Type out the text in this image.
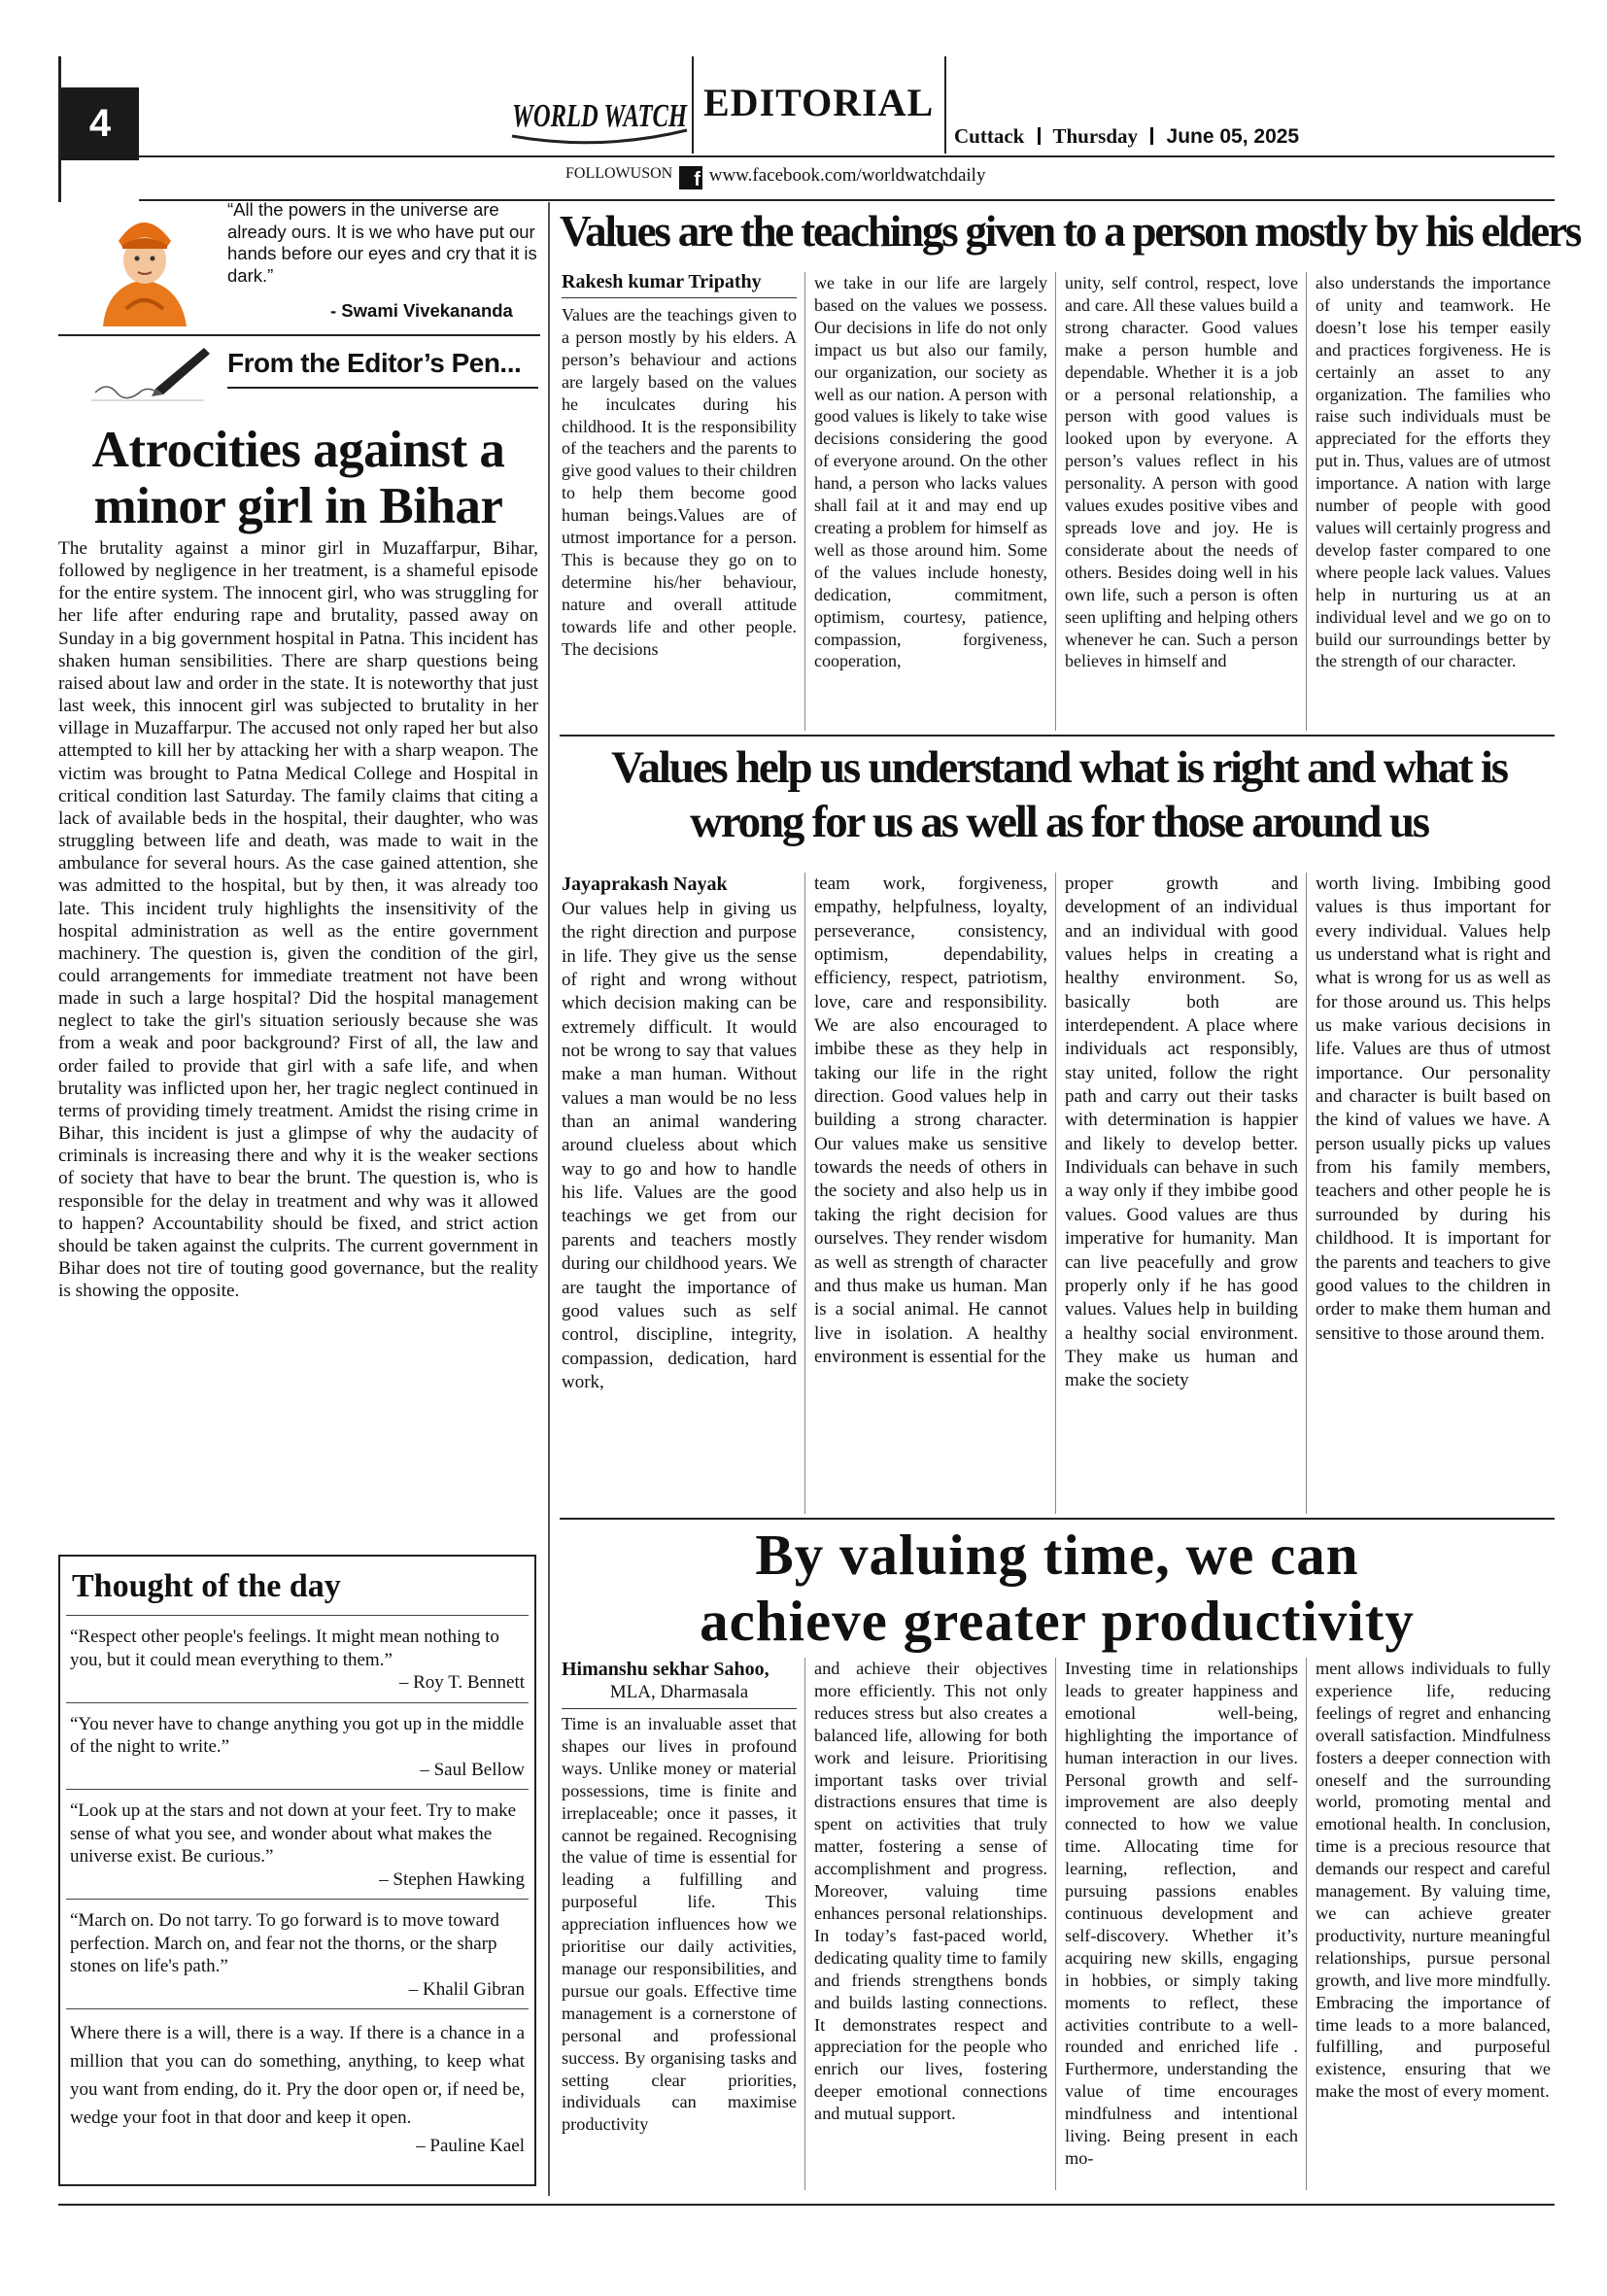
4	WORLD WATCH EDITORIAL
Cuttack Thursday June 05, 2025
FOLLOWUSON f www.facebook.com/worldwatchdaily
“All the powers in the universe are already ours. It is we who have put our hands before our eyes and cry that it is dark.”
- Swami Vivekananda
From the Editor’s Pen...
Atrocities against a minor girl in Bihar
The brutality against a minor girl in Muzaffarpur, Bihar, followed by negligence in her treatment, is a shameful episode for the entire system. The innocent girl, who was struggling for her life after enduring rape and brutality, passed away on Sunday in a big government hospital in Patna. This incident has shaken human sensibilities. There are sharp questions being raised about law and order in the state. It is noteworthy that just last week, this innocent girl was subjected to brutality in her village in Muzaffarpur. The accused not only raped her but also attempted to kill her by attacking her with a sharp weapon. The victim was brought to Patna Medical College and Hospital in critical condition last Saturday. The family claims that citing a lack of available beds in the hospital, their daughter, who was struggling between life and death, was made to wait in the ambulance for several hours. As the case gained attention, she was admitted to the hospital, but by then, it was already too late. This incident truly highlights the insensitivity of the hospital administration as well as the entire government machinery. The question is, given the condition of the girl, could arrangements for immediate treatment not have been made in such a large hospital? Did the hospital management neglect to take the girl's situation seriously because she was from a weak and poor background? First of all, the law and order failed to provide that girl with a safe life, and when brutality was inflicted upon her, her tragic neglect continued in terms of providing timely treatment. Amidst the rising crime in Bihar, this incident is just a glimpse of why the audacity of criminals is increasing there and why it is the weaker sections of society that have to bear the brunt. The question is, who is responsible for the delay in treatment and why was it allowed to happen? Accountability should be fixed, and strict action should be taken against the culprits. The current government in Bihar does not tire of touting good governance, but the reality is showing the opposite.
Thought of the day
“Respect other people's feelings. It might mean nothing to you, but it could mean everything to them.”
– Roy T. Bennett
“You never have to change anything you got up in the middle of the night to write.”
– Saul Bellow
“Look up at the stars and not down at your feet. Try to make sense of what you see, and wonder about what makes the universe exist. Be curious.”
– Stephen Hawking
“March on. Do not tarry. To go forward is to move toward perfection. March on, and fear not the thorns, or the sharp stones on life's path.”
– Khalil Gibran
Where there is a will, there is a way. If there is a chance in a million that you can do something, anything, to keep what you want from ending, do it. Pry the door open or, if need be, wedge your foot in that door and keep it open.
– Pauline Kael
Values are the teachings given to a person mostly by his elders
Rakesh kumar Tripathy
Values are the teachings given to a person mostly by his elders. A person’s behaviour and actions are largely based on the values he inculcates during his childhood. It is the responsibility of the teachers and the parents to give good values to their children to help them become good human beings.Values are of utmost importance for a person. This is because they go on to determine his/her behaviour, nature and overall attitude towards life and other people. The decisions
we take in our life are largely based on the values we possess. Our decisions in life do not only impact us but also our family, our organization, our society as well as our nation. A person with good values is likely to take wise decisions considering the good of everyone around. On the other hand, a person who lacks values shall fail at it and may end up creating a problem for himself as well as those around him. Some of the values include honesty, dedication, commitment, optimism, courtesy, patience, compassion, forgiveness, cooperation,
unity, self control, respect, love and care. All these values build a strong character. Good values make a person humble and dependable. Whether it is a job or a personal relationship, a person with good values is looked upon by everyone. A person’s values reflect in his personality. A person with good values exudes positive vibes and spreads love and joy. He is considerate about the needs of others. Besides doing well in his own life, such a person is often seen uplifting and helping others whenever he can. Such a person believes in himself and
also understands the importance of unity and teamwork. He doesn’t lose his temper easily and practices forgiveness. He is certainly an asset to any organization. The families who raise such individuals must be appreciated for the efforts they put in. Thus, values are of utmost importance. A nation with large number of people with good values will certainly progress and develop faster compared to one where people lack values. Values help in nurturing us at an individual level and we go on to build our surroundings better by the strength of our character.
Values help us understand what is right and what is wrong for us as well as for those around us
Jayaprakash Nayak
Our values help in giving us the right direction and purpose in life. They give us the sense of right and wrong without which decision making can be extremely difficult. It would not be wrong to say that values make a man human. Without values a man would be no less than an animal wandering around clueless about which way to go and how to handle his life. Values are the good teachings we get from our parents and teachers mostly during our childhood years. We are taught the importance of good values such as self control, discipline, integrity, compassion, dedication, hard work,
team work, forgiveness, empathy, helpfulness, loyalty, perseverance, consistency, optimism, dependability, efficiency, respect, patriotism, love, care and responsibility. We are also encouraged to imbibe these as they help in taking our life in the right direction. Good values help in building a strong character. Our values make us sensitive towards the needs of others in the society and also help us in taking the right decision for ourselves. They render wisdom as well as strength of character and thus make us human. Man is a social animal. He cannot live in isolation. A healthy environment is essential for the
proper growth and development of an individual and an individual with good values helps in creating a healthy environment. So, basically both are interdependent. A place where individuals act responsibly, stay united, follow the right path and carry out their tasks with determination is happier and likely to develop better. Individuals can behave in such a way only if they imbibe good values. Good values are thus imperative for humanity. Man can live peacefully and grow properly only if he has good values. Values help in building a healthy social environment. They make us human and make the society
worth living. Imbibing good values is thus important for every individual. Values help us understand what is right and what is wrong for us as well as for those around us. This helps us make various decisions in life. Values are thus of utmost importance. Our personality and character is built based on the kind of values we have. A person usually picks up values from his family members, teachers and other people he is surrounded by during his childhood. It is important for the parents and teachers to give good values to the children in order to make them human and sensitive to those around them.
By valuing time, we can
achieve greater productivity
Himanshu sekhar Sahoo,
MLA, Dharmasala
Time is an invaluable asset that shapes our lives in profound ways. Unlike money or material possessions, time is finite and irreplaceable; once it passes, it cannot be regained. Recognising the value of time is essential for leading a fulfilling and purposeful life. This appreciation influences how we prioritise our daily activities, manage our responsibilities, and pursue our goals. Effective time management is a cornerstone of personal and professional success. By organising tasks and setting clear priorities, individuals can maximise productivity
and achieve their objectives more efficiently. This not only reduces stress but also creates a balanced life, allowing for both work and leisure. Prioritising important tasks over trivial distractions ensures that time is spent on activities that truly matter, fostering a sense of accomplishment and progress. Moreover, valuing time enhances personal relationships. In today’s fast-paced world, dedicating quality time to family and friends strengthens bonds and builds lasting connections. It demonstrates respect and appreciation for the people who enrich our lives, fostering deeper emotional connections and mutual support.
Investing time in relationships leads to greater happiness and emotional well-being, highlighting the importance of human interaction in our lives. Personal growth and self-improvement are also deeply connected to how we value time. Allocating time for learning, reflection, and pursuing passions enables continuous development and self-discovery. Whether it’s acquiring new skills, engaging in hobbies, or simply taking moments to reflect, these activities contribute to a well-rounded and enriched life . Furthermore, understanding the value of time encourages mindfulness and intentional living. Being present in each mo-
ment allows individuals to fully experience life, reducing feelings of regret and enhancing overall satisfaction. Mindfulness fosters a deeper connection with oneself and the surrounding world, promoting mental and emotional health. In conclusion, time is a precious resource that demands our respect and careful management. By valuing time, we can achieve greater productivity, nurture meaningful relationships, pursue personal growth, and live more mindfully. Embracing the importance of time leads to a more balanced, fulfilling, and purposeful existence, ensuring that we make the most of every moment.
